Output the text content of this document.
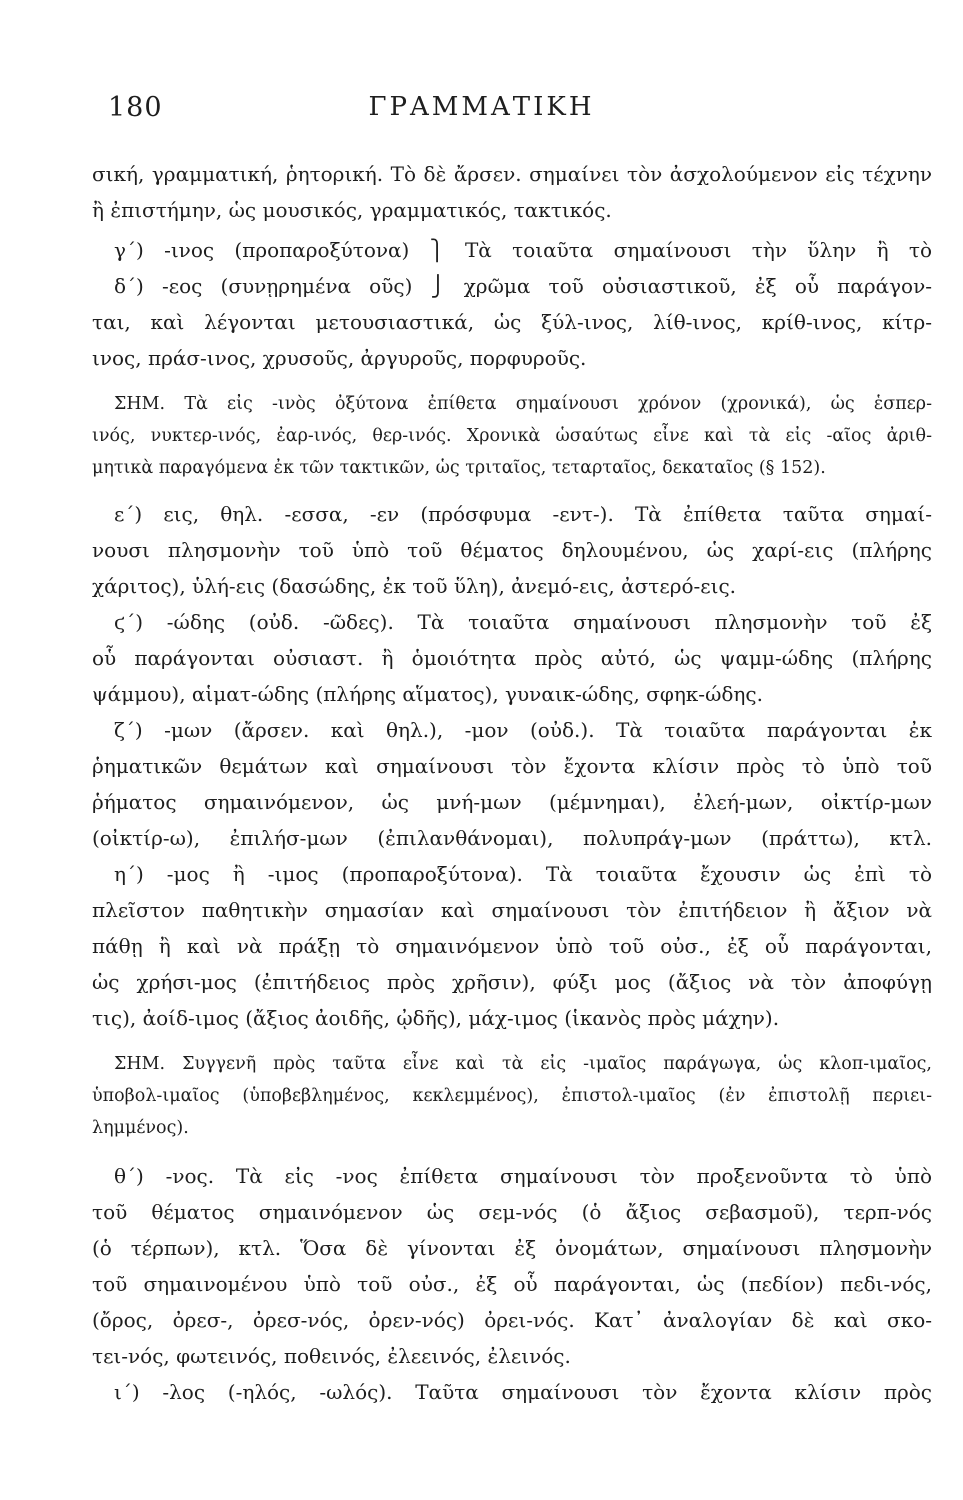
180	ΓΡΑΜΜΑΤΙΚΗ
σική, γραμματική, ῥητορική. Τὸ δὲ ἄρσεν. σημαίνει τὸν ἀσχολούμενον εἰς τέχνην
ἢ ἐπιστήμην, ὡς μουσικός, γραμματικός, τακτικός.
γ΄) -ινος (προπαροξύτονα) ⎫ Τὰ τοιαῦτα σημαίνουσι τὴν ὕλην ἢ τὸ
δ΄) -εος (συνῃρημένα οῦς) ⎭ χρῶμα τοῦ οὐσιαστικοῦ, ἐξ οὗ παράγον-
ται, καὶ λέγονται μετουσιαστικά, ὡς ξύλ-ινος, λίθ-ινος, κρίθ-ινος, κίτρ-
ινος, πράσ-ινος, χρυσοῦς, ἀργυροῦς, πορφυροῦς.
ΣΗΜ. Τὰ εἰς -ινὸς ὀξύτονα ἐπίθετα σημαίνουσι χρόνον (χρονικά), ὡς ἑσπερ-
ινός, νυκτερ-ινός, ἐαρ-ινός, θερ-ινός. Χρονικὰ ὡσαύτως εἶνε καὶ τὰ εἰς -αῖος ἀριθ-
μητικὰ παραγόμενα ἐκ τῶν τακτικῶν, ὡς τριταῖος, τεταρταῖος, δεκαταῖος (§ 152).
ε΄) εις, θηλ. -εσσα, -εν (πρόσφυμα -εντ-). Τὰ ἐπίθετα ταῦτα σημαί-
νουσι πλησμονὴν τοῦ ὑπὸ τοῦ θέματος δηλουμένου, ὡς χαρί-εις (πλήρης
χάριτος), ὑλή-εις (δασώδης, ἐκ τοῦ ὕλη), ἀνεμό-εις, ἀστερό-εις.
ϛ΄) -ώδης (οὐδ. -ῶδες). Τὰ τοιαῦτα σημαίνουσι πλησμονὴν τοῦ ἐξ
οὗ παράγονται οὐσιαστ. ἢ ὁμοιότητα πρὸς αὐτό, ὡς ψαμμ-ώδης (πλήρης
ψάμμου), αἱματ-ώδης (πλήρης αἵματος), γυναικ-ώδης, σφηκ-ώδης.
ζ΄) -μων (ἄρσεν. καὶ θηλ.), -μον (οὐδ.). Τὰ τοιαῦτα παράγονται ἐκ
ῥηματικῶν θεμάτων καὶ σημαίνουσι τὸν ἔχοντα κλίσιν πρὸς τὸ ὑπὸ τοῦ
ῥήματος σημαινόμενον, ὡς μνή-μων (μέμνημαι), ἐλεή-μων, οἰκτίρ-μων
(οἰκτίρ-ω), ἐπιλήσ-μων (ἐπιλανθάνομαι), πολυπράγ-μων (πράττω), κτλ.
η΄) -μος ἢ -ιμος (προπαροξύτονα). Τὰ τοιαῦτα ἔχουσιν ὡς ἐπὶ τὸ
πλεῖστον παθητικὴν σημασίαν καὶ σημαίνουσι τὸν ἐπιτήδειον ἢ ἄξιον νὰ
πάθῃ ἢ καὶ νὰ πράξῃ τὸ σημαινόμενον ὑπὸ τοῦ οὐσ., ἐξ οὗ παράγονται,
ὡς χρήσι-μος (ἐπιτήδειος πρὸς χρῆσιν), φύξι μος (ἄξιος νὰ τὸν ἀποφύγῃ
τις), ἀοίδ-ιμος (ἄξιος ἀοιδῆς, ᾠδῆς), μάχ-ιμος (ἱκανὸς πρὸς μάχην).
ΣΗΜ. Συγγενῆ πρὸς ταῦτα εἶνε καὶ τὰ εἰς -ιμαῖος παράγωγα, ὡς κλοπ-ιμαῖος,
ὑποβολ-ιμαῖος (ὑποβεβλημένος, κεκλεμμένος), ἐπιστολ-ιμαῖος (ἐν ἐπιστολῇ περιει-
λημμένος).
θ΄) -νος. Τὰ εἰς -νος ἐπίθετα σημαίνουσι τὸν προξενοῦντα τὸ ὑπὸ
τοῦ θέματος σημαινόμενον ὡς σεμ-νός (ὁ ἄξιος σεβασμοῦ), τερπ-νός
(ὁ τέρπων), κτλ. Ὅσα δὲ γίνονται ἐξ ὀνομάτων, σημαίνουσι πλησμονὴν
τοῦ σημαινομένου ὑπὸ τοῦ οὐσ., ἐξ οὗ παράγονται, ὡς (πεδίον) πεδι-νός,
(ὄρος, ὀρεσ-, ὀρεσ-νός, ὀρεν-νός) ὀρει-νός. Κατ᾽ ἀναλογίαν δὲ καὶ σκο-
τει-νός, φωτεινός, ποθεινός, ἐλεεινός, ἐλεινός.
ι΄) -λος (-ηλός, -ωλός). Ταῦτα σημαίνουσι τὸν ἔχοντα κλίσιν πρὸς
